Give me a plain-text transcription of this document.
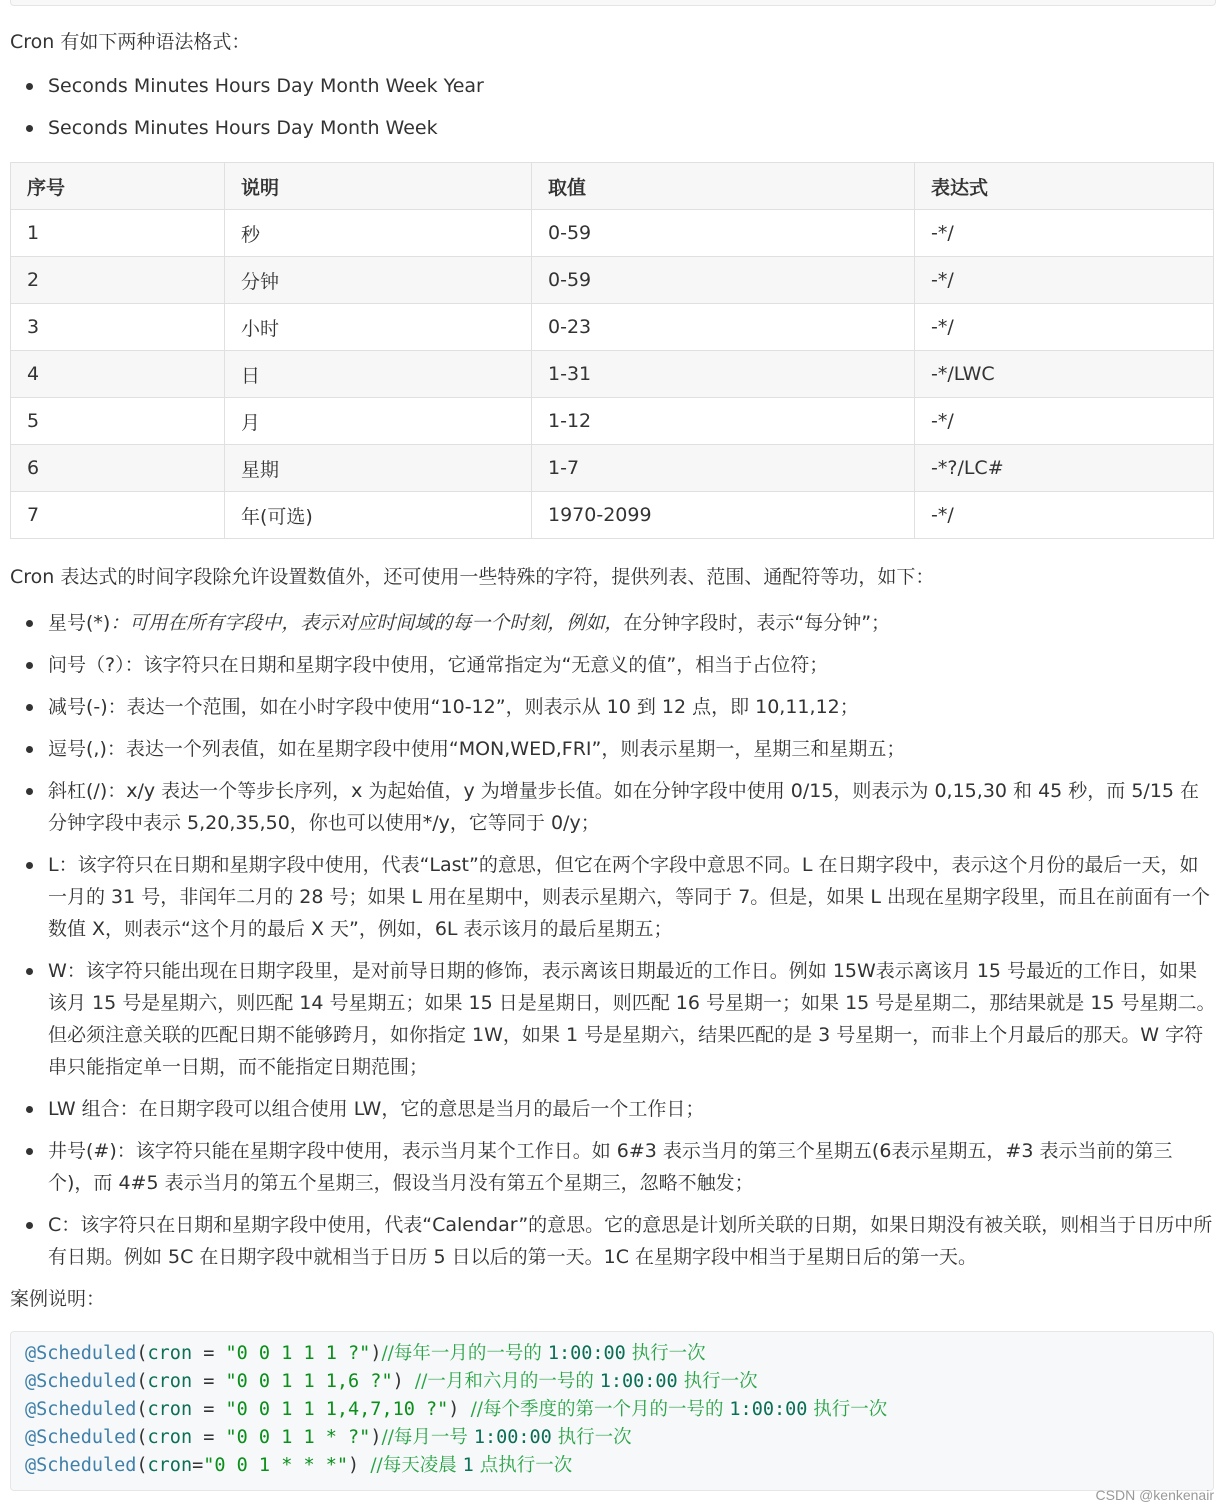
Cron 有如下两种语法格式：

Seconds Minutes Hours Day Month Week Year
Seconds Minutes Hours Day Month Week
序号	说明	取值	表达式
1	秒	0-59	-*/
2	分钟	0-59	-*/
3	小时	0-23	-*/
4	日	1-31	-*/LWC
5	月	1-12	-*/
6	星期	1-7	-*?/LC#
7	年(可选)	1970-2099	-*/

Cron 表达式的时间字段除允许设置数值外，还可使用一些特殊的字符，提供列表、范围、通配符等功，如下：

星号(*)：可用在所有字段中，表示对应时间域的每一个时刻，例如，在分钟字段时，表示“每分钟”；
问号（?）：该字符只在日期和星期字段中使用，它通常指定为“无意义的值”，相当于占位符；
减号(-)：表达一个范围，如在小时字段中使用“10-12”，则表示从 10 到 12 点，即 10,11,12；
逗号(,)：表达一个列表值，如在星期字段中使用“MON,WED,FRI”，则表示星期一，星期三和星期五；
斜杠(/)：x/y 表达一个等步长序列，x 为起始值，y 为增量步长值。如在分钟字段中使用 0/15，则表示为 0,15,30 和 45 秒，而 5/15 在分钟字段中表示 5,20,35,50，你也可以使用*/y，它等同于 0/y；
L：该字符只在日期和星期字段中使用，代表“Last”的意思，但它在两个字段中意思不同。L 在日期字段中，表示这个月份的最后一天，如一月的 31 号，非闰年二月的 28 号；如果 L 用在星期中，则表示星期六，等同于 7。但是，如果 L 出现在星期字段里，而且在前面有一个数值 X，则表示“这个月的最后 X 天”，例如，6L 表示该月的最后星期五；
W：该字符只能出现在日期字段里，是对前导日期的修饰，表示离该日期最近的工作日。例如 15W表示离该月 15 号最近的工作日，如果该月 15 号是星期六，则匹配 14 号星期五；如果 15 日是星期日，则匹配 16 号星期一；如果 15 号是星期二，那结果就是 15 号星期二。但必须注意关联的匹配日期不能够跨月，如你指定 1W，如果 1 号是星期六，结果匹配的是 3 号星期一，而非上个月最后的那天。W 字符串只能指定单一日期，而不能指定日期范围；
LW 组合：在日期字段可以组合使用 LW，它的意思是当月的最后一个工作日；
井号(#)：该字符只能在星期字段中使用，表示当月某个工作日。如 6#3 表示当月的第三个星期五(6表示星期五，#3 表示当前的第三个)，而 4#5 表示当月的第五个星期三，假设当月没有第五个星期三，忽略不触发；
C：该字符只在日期和星期字段中使用，代表“Calendar”的意思。它的意思是计划所关联的日期，如果日期没有被关联，则相当于日历中所有日期。例如 5C 在日期字段中就相当于日历 5 日以后的第一天。1C 在星期字段中相当于星期日后的第一天。

案例说明：

@Scheduled(cron = "0 0 1 1 1 ?")//每年一月的一号的 1:00:00 执行一次
@Scheduled(cron = "0 0 1 1 1,6 ?") //一月和六月的一号的 1:00:00 执行一次
@Scheduled(cron = "0 0 1 1 1,4,7,10 ?") //每个季度的第一个月的一号的 1:00:00 执行一次
@Scheduled(cron = "0 0 1 1 * ?")//每月一号 1:00:00 执行一次
@Scheduled(cron="0 0 1 * * *") //每天凌晨 1 点执行一次
CSDN @kenkenair
